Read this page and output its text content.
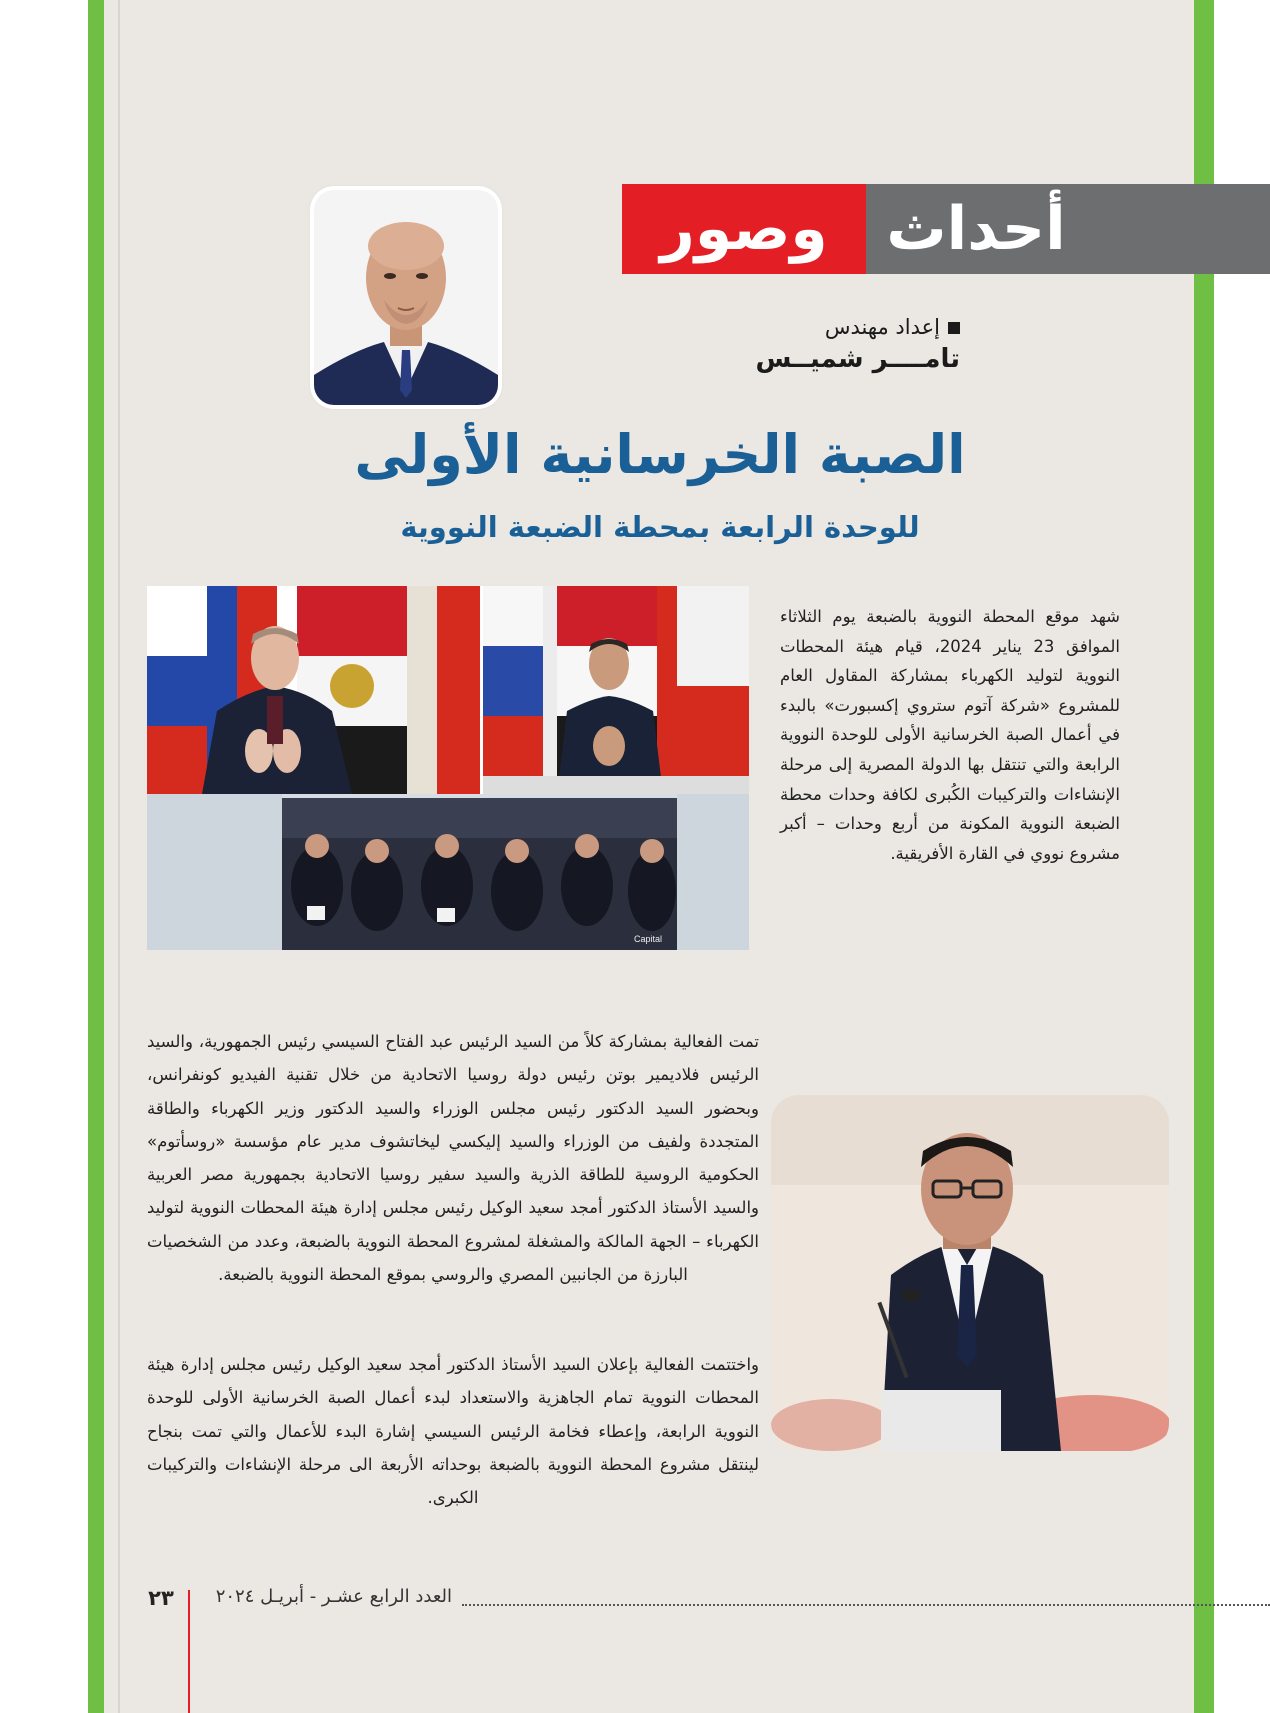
وصور أحداث
إعداد مهندس
تامــــر شميــس
الصبة الخرسانية الأولى
للوحدة الرابعة بمحطة الضبعة النووية
Capital
شهد موقع المحطة النووية بالضبعة يوم الثلاثاء الموافق 23 يناير 2024، قيام هيئة المحطات النووية لتوليد الكهرباء بمشاركة المقاول العام للمشروع «شركة آتوم ستروي إكسبورت» بالبدء في أعمال الصبة الخرسانية الأولى للوحدة النووية الرابعة والتي تنتقل بها الدولة المصرية إلى مرحلة الإنشاءات والتركيبات الكُبرى لكافة وحدات محطة الضبعة النووية المكونة من أربع وحدات – أكبر مشروع نووي في القارة الأفريقية.
تمت الفعالية بمشاركة كلاً من السيد الرئيس عبد الفتاح السيسي رئيس الجمهورية، والسيد الرئيس فلاديمير بوتن رئيس دولة روسيا الاتحادية من خلال تقنية الفيديو كونفرانس، وبحضور السيد الدكتور رئيس مجلس الوزراء والسيد الدكتور وزير الكهرباء والطاقة المتجددة ولفيف من الوزراء والسيد إليكسي ليخاتشوف مدير عام مؤسسة «روسأتوم» الحكومية الروسية للطاقة الذرية والسيد سفير روسيا الاتحادية بجمهورية مصر العربية والسيد الأستاذ الدكتور أمجد سعيد الوكيل رئيس مجلس إدارة هيئة المحطات النووية لتوليد الكهرباء – الجهة المالكة والمشغلة لمشروع المحطة النووية بالضبعة، وعدد من الشخصيات البارزة من الجانبين المصري والروسي بموقع المحطة النووية بالضبعة.
واختتمت الفعالية بإعلان السيد الأستاذ الدكتور أمجد سعيد الوكيل رئيس مجلس إدارة هيئة المحطات النووية تمام الجاهزية والاستعداد لبدء أعمال الصبة الخرسانية الأولى للوحدة النووية الرابعة، وإعطاء فخامة الرئيس السيسي إشارة البدء للأعمال والتي تمت بنجاح لينتقل مشروع المحطة النووية بالضبعة بوحداته الأربعة الى مرحلة الإنشاءات والتركيبات الكبرى.
العدد الرابع عشـر - أبريـل ٢٠٢٤
٢٣
